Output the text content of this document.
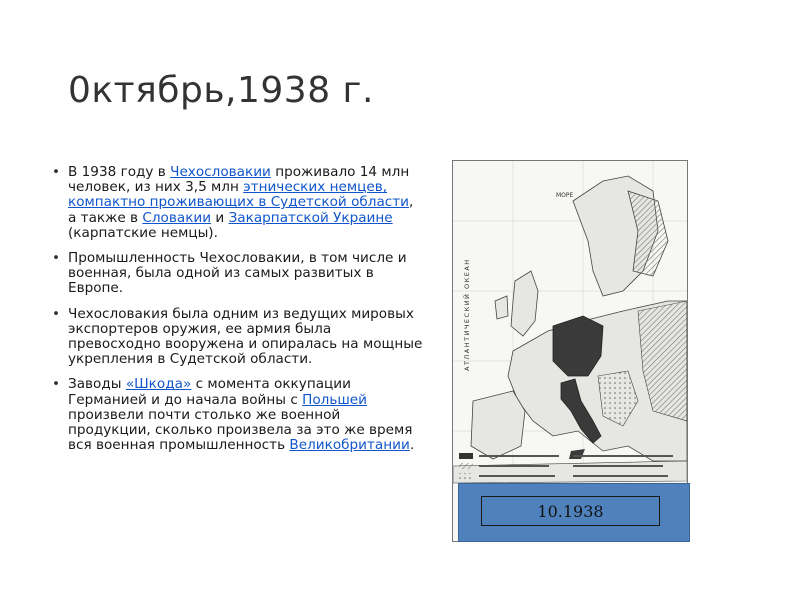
0ктябрь,1938 г.
• В 1938 году в Чехословакии проживало 14 млн человек, из них 3,5 млн этнических немцев, компактно проживающих в Судетской области, а также в Словакии и Закарпатской Украине (карпатские немцы).
• Промышленность Чехословакии, в том числе и военная, была одной из самых развитых в Европе.
• Чехословакия была одним из ведущих мировых экспортеров оружия, ее армия была превосходно вооружена и опиралась на мощные укрепления в Судетской области.
• Заводы «Шкода» с момента оккупации Германией и до начала войны с Польшей произвели почти столько же военной продукции, сколько произвела за это же время вся военная промышленность Великобритании.
АТЛАНТИЧЕСКИЙ ОКЕАН
МОРЕ
10.1938
